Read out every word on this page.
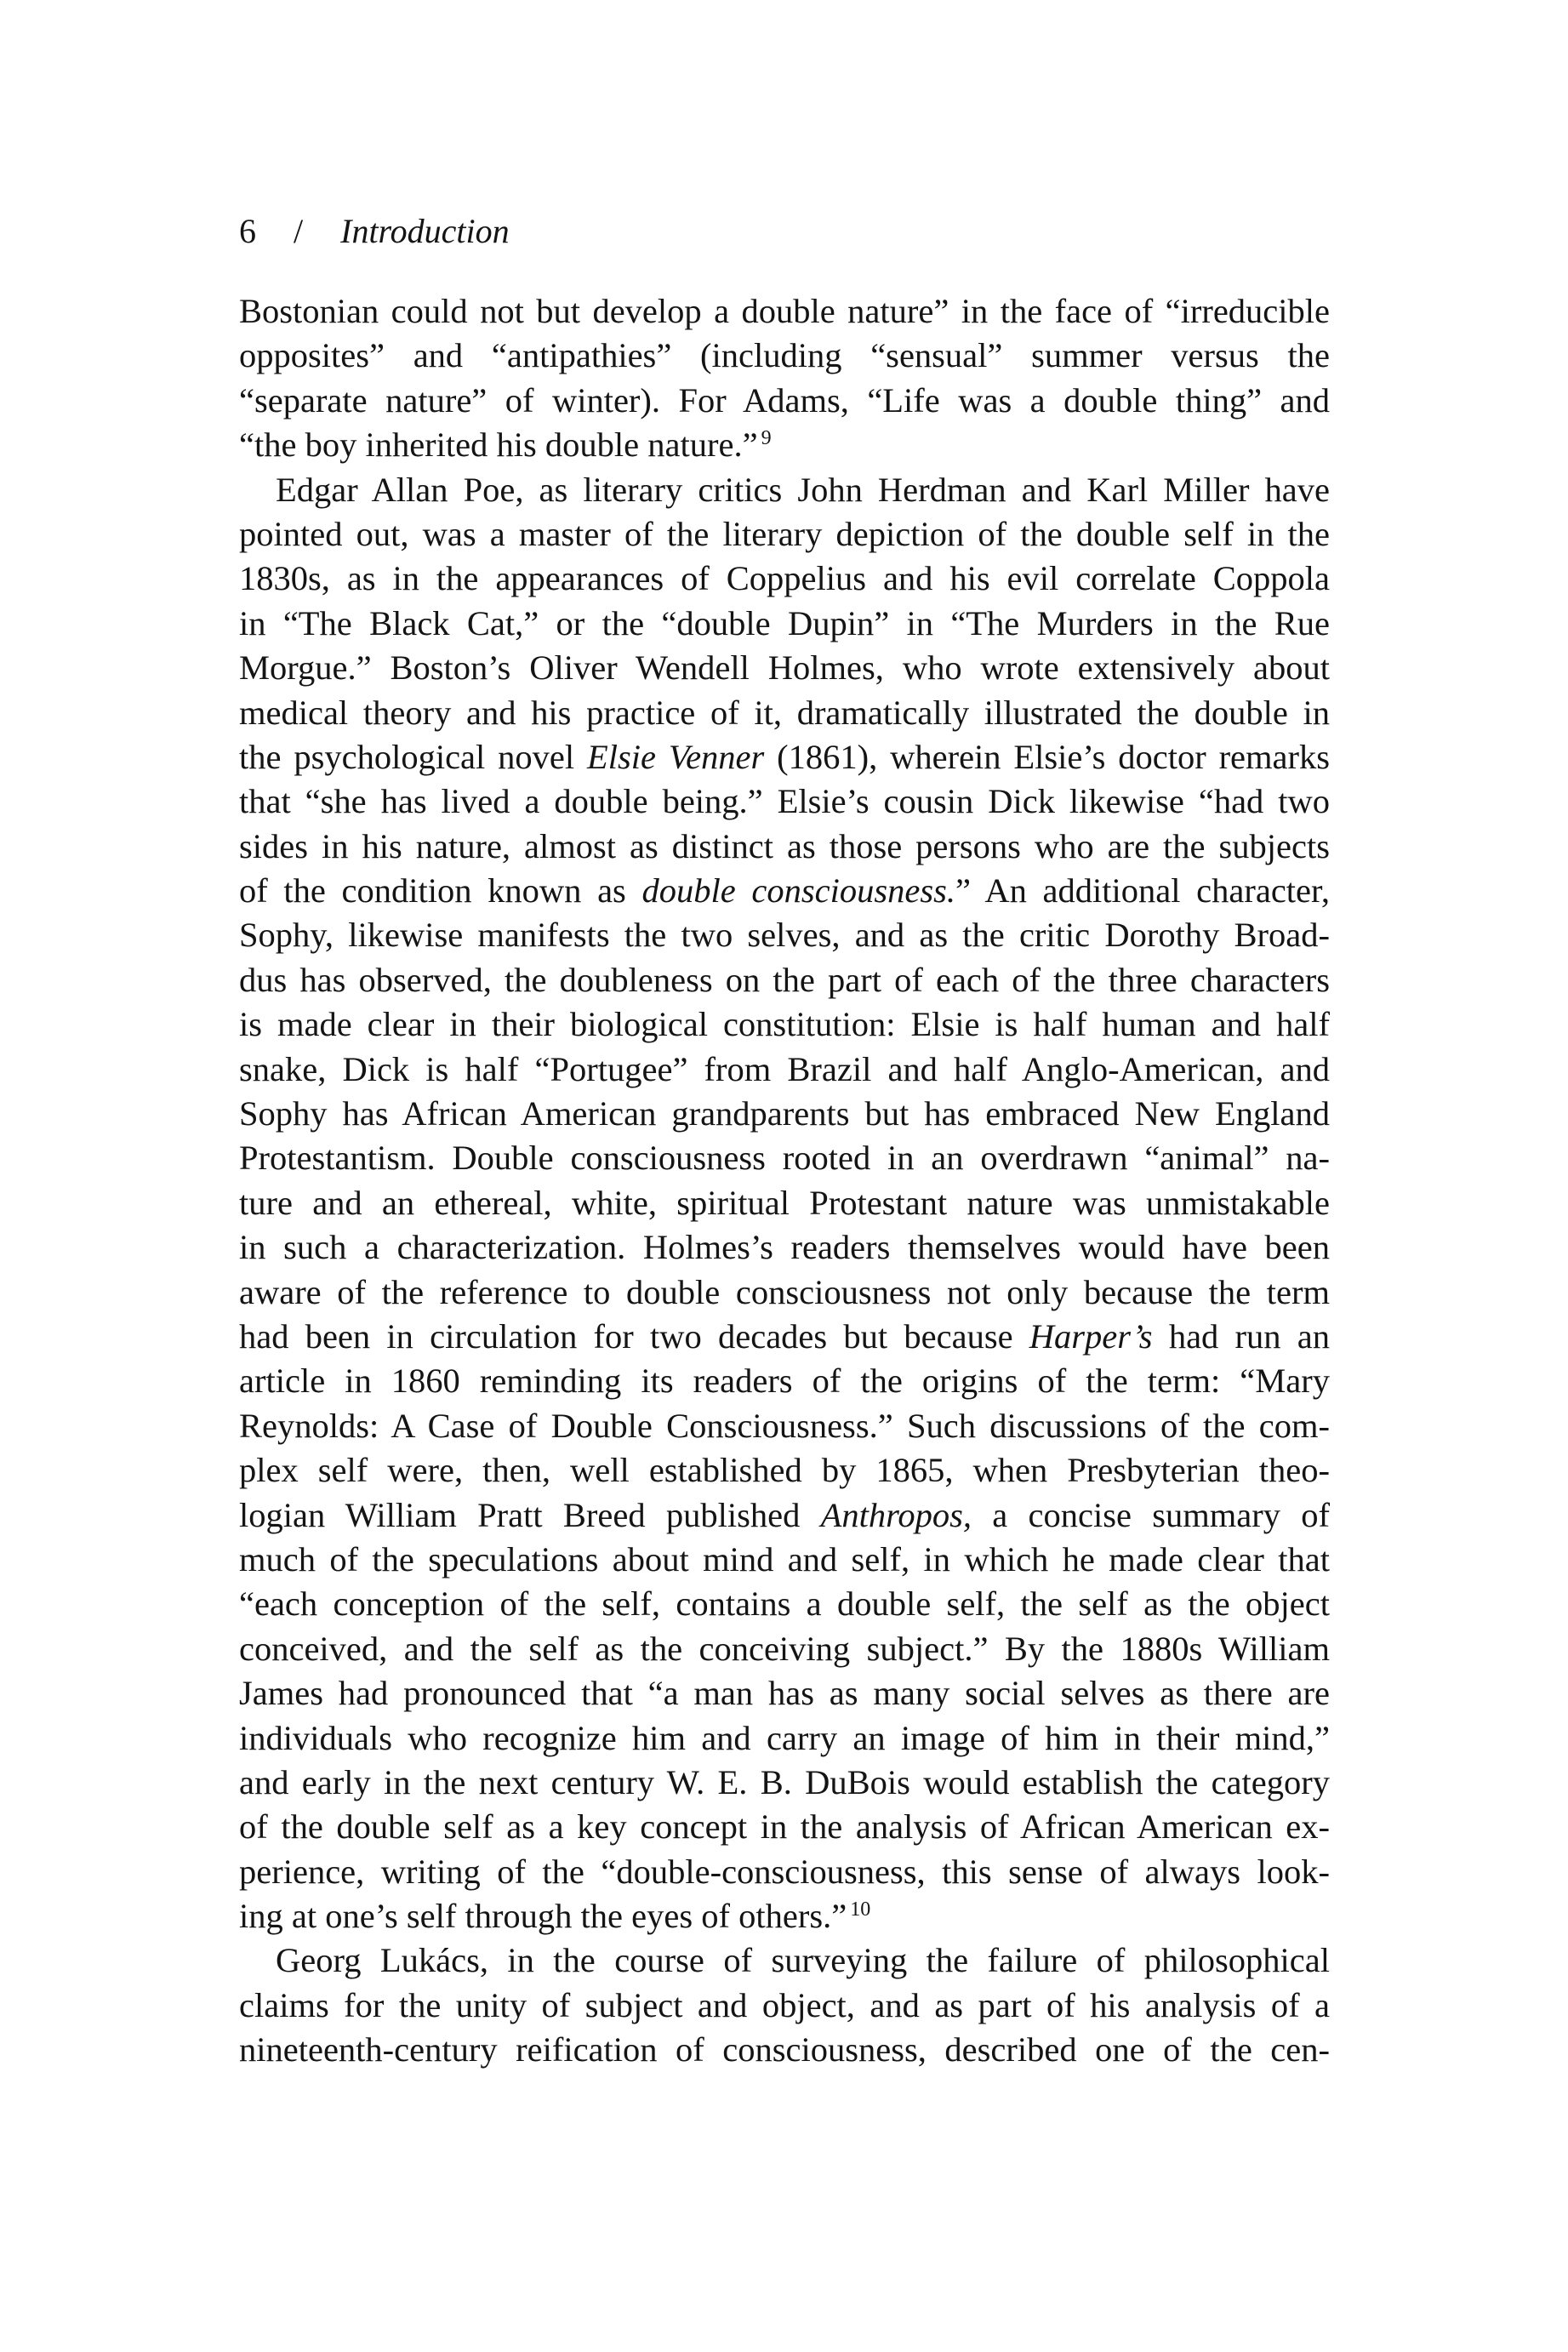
6 / Introduction
Bostonian could not but develop a double nature” in the face of “irreducible
opposites” and “antipathies” (including “sensual” summer versus the
“separate nature” of winter). For Adams, “Life was a double thing” and
“the boy inherited his double nature.” $^9$
Edgar Allan Poe, as literary critics John Herdman and Karl Miller have
pointed out, was a master of the literary depiction of the double self in the
1830s, as in the appearances of Coppelius and his evil correlate Coppola
in “The Black Cat,” or the “double Dupin” in “The Murders in the Rue
Morgue.” Boston’s Oliver Wendell Holmes, who wrote extensively about
medical theory and his practice of it, dramatically illustrated the double in
the psychological novel Elsie Venner (1861), wherein Elsie’s doctor remarks
that “she has lived a double being.” Elsie’s cousin Dick likewise “had two
sides in his nature, almost as distinct as those persons who are the subjects
of the condition known as double consciousness.” An additional character,
Sophy, likewise manifests the two selves, and as the critic Dorothy Broad-
dus has observed, the doubleness on the part of each of the three characters
is made clear in their biological constitution: Elsie is half human and half
snake, Dick is half “Portugee” from Brazil and half Anglo-American, and
Sophy has African American grandparents but has embraced New England
Protestantism. Double consciousness rooted in an overdrawn “animal” na-
ture and an ethereal, white, spiritual Protestant nature was unmistakable
in such a characterization. Holmes’s readers themselves would have been
aware of the reference to double consciousness not only because the term
had been in circulation for two decades but because Harper’s had run an
article in 1860 reminding its readers of the origins of the term: “Mary
Reynolds: A Case of Double Consciousness.” Such discussions of the com-
plex self were, then, well established by 1865, when Presbyterian theo-
logian William Pratt Breed published Anthropos, a concise summary of
much of the speculations about mind and self, in which he made clear that
“each conception of the self, contains a double self, the self as the object
conceived, and the self as the conceiving subject.” By the 1880s William
James had pronounced that “a man has as many social selves as there are
individuals who recognize him and carry an image of him in their mind,”
and early in the next century W. E. B. DuBois would establish the category
of the double self as a key concept in the analysis of African American ex-
perience, writing of the “double-consciousness, this sense of always look-
ing at one’s self through the eyes of others.” $^{10}$
Georg Lukács, in the course of surveying the failure of philosophical
claims for the unity of subject and object, and as part of his analysis of a
nineteenth-century reification of consciousness, described one of the cen-
